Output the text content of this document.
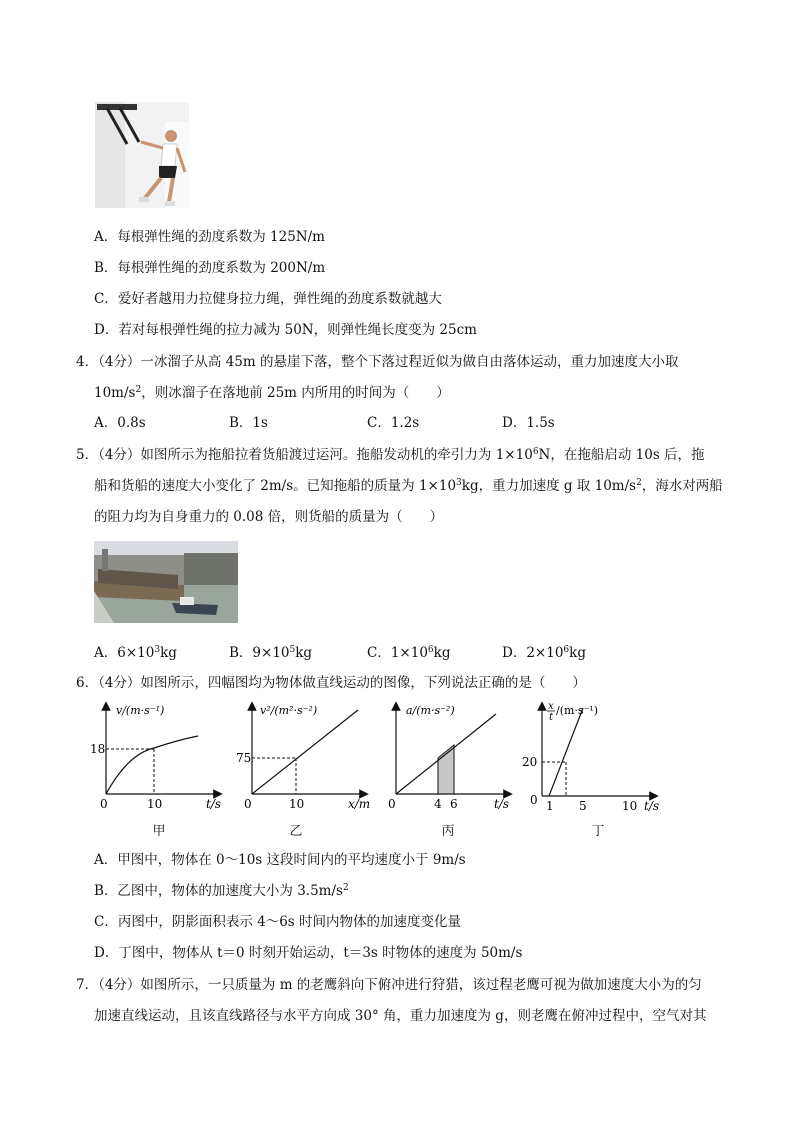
A．每根弹性绳的劲度系数为 125N/m
B．每根弹性绳的劲度系数为 200N/m
C．爱好者越用力拉健身拉力绳，弹性绳的劲度系数就越大
D．若对每根弹性绳的拉力减为 50N，则弹性绳长度变为 25cm
4．（4分）一冰溜子从高 45m 的悬崖下落，整个下落过程近似为做自由落体运动，重力加速度大小取
$10m/s^2$，则冰溜子在落地前 25m 内所用的时间为（　　）
A．0.8s	B．1s	C．1.2s	D．1.5s
5．（4分）如图所示为拖船拉着货船渡过运河。拖船发动机的牵引力为 $1\times 10^6N$，在拖船启动 10s 后，拖
船和货船的速度大小变化了 2m/s。已知拖船的质量为 $1\times 10^3kg$，重力加速度 g 取 $10m/s^2$，海水对两船
的阻力均为自身重力的 0.08 倍，则货船的质量为（　　）
A．$6\times 10^3kg$	B．$9\times 10^5kg$	C．$1\times 10^6kg$	D．$2\times 10^6kg$
6．（4分）如图所示，四幅图均为物体做直线运动的图像，下列说法正确的是（　　）
v/(m·s⁻¹)
18
0	10	t/s
甲
v²/(m²·s⁻²)
75
0	10	x/m
乙
a/(m·s⁻²)
0	4 6	t/s
丙
x
t
/(m·s⁻¹)
20
0 1 5	10 t/s
丁
A．甲图中，物体在 0～10s 这段时间内的平均速度小于 9m/s
B．乙图中，物体的加速度大小为 $3.5m/s^2$
C．丙图中，阴影面积表示 4～6s 时间内物体的加速度变化量
D．丁图中，物体从 t＝0 时刻开始运动，t＝3s 时物体的速度为 50m/s
7．（4分）如图所示，一只质量为 m 的老鹰斜向下俯冲进行狩猎，该过程老鹰可视为做加速度大小为的匀
加速直线运动，且该直线路径与水平方向成 30° 角，重力加速度为 g，则老鹰在俯冲过程中，空气对其
